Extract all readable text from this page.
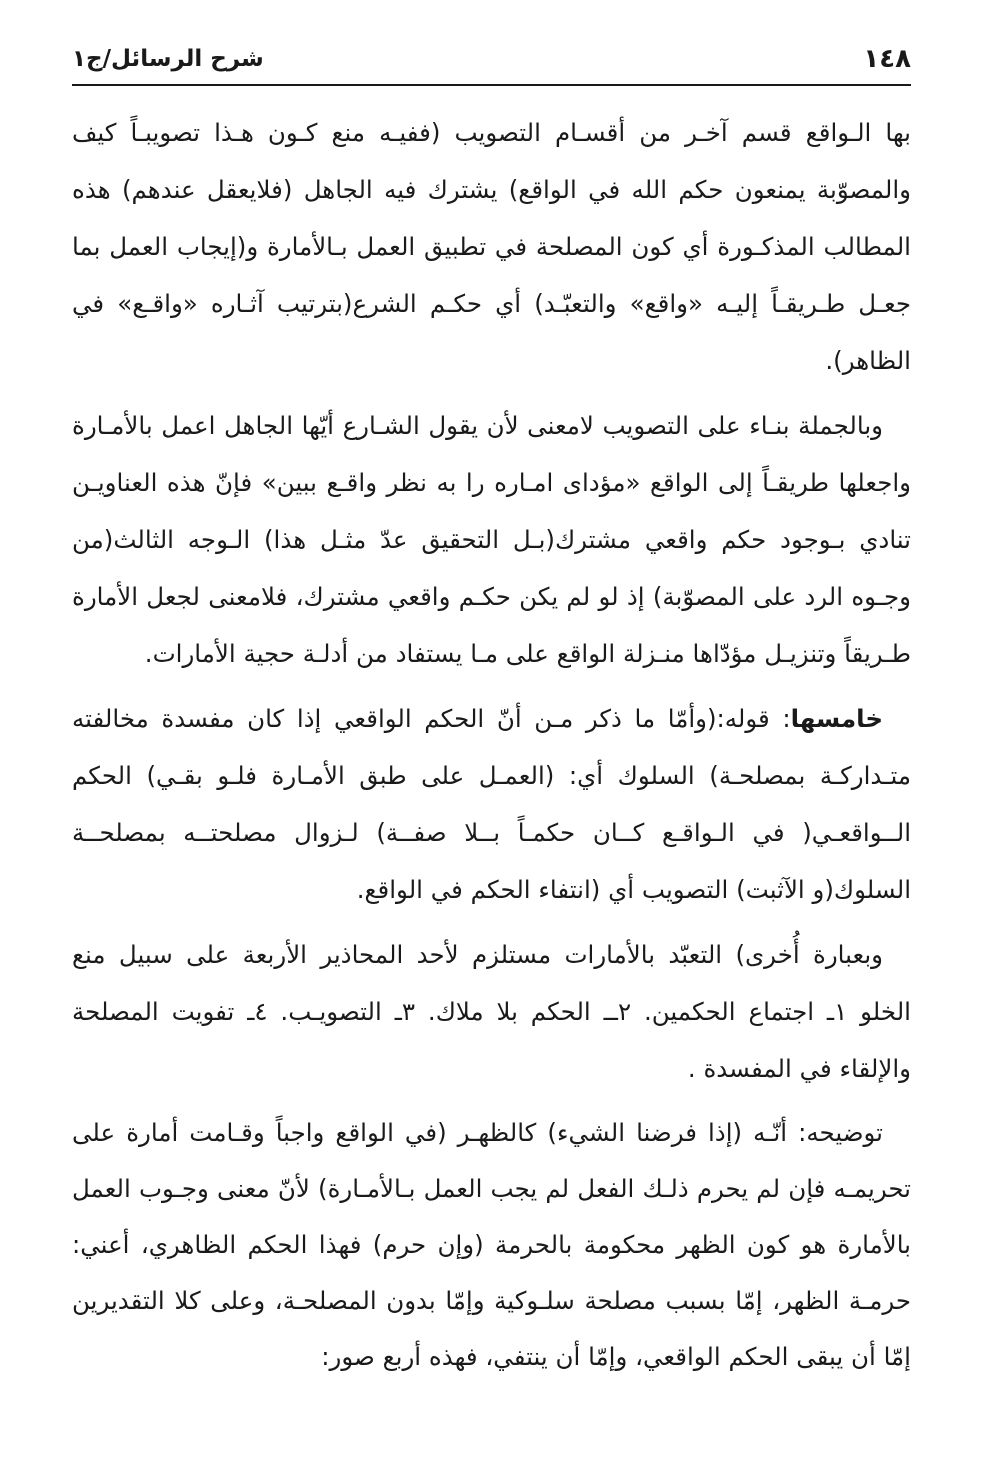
١٤٨
شرح الرسائل/ج١

بها الـواقع قسم آخـر من أقسـام التصويب (ففيـه منع كـون هـذا تصويبـاً كيف والمصوّبة يمنعون حكم الله في الواقع) يشترك فيه الجاهل (فلايعقل عندهم) هذه المطالب المذكـورة أي كون المصلحة في تطبيق العمل بـالأمارة و(إيجاب العمل بما جعـل طـريقـاً إليـه «واقع» والتعبّـد) أي حكـم الشرع(بترتيب آثـاره «واقـع» في الظاهر).

وبالجملة بنـاء على التصويب لامعنى لأن يقول الشـارع أيّها الجاهل اعمل بالأمـارة واجعلها طريقـاً إلى الواقع «مؤداى امـاره را به نظر واقـع ببين» فإنّ هذه العناويـن تنادي بـوجود حكم واقعي مشترك(بـل التحقيق عدّ مثـل هذا) الـوجه الثالث(من وجـوه الرد على المصوّبة) إذ لو لم يكن حكـم واقعي مشترك، فلامعنى لجعل الأمارة طـريقاً وتنزيـل مؤدّاها منـزلة الواقع على مـا يستفاد من أدلـة حجية الأمارات.

خامسها: قوله:(وأمّا ما ذكر مـن أنّ الحكم الواقعي إذا كان مفسدة مخالفته متـداركـة بمصلحـة) السلوك أي: (العمـل على طبق الأمـارة فلـو بقـي) الحكم الــواقعـي( في الـواقـع كــان حكمـاً بــلا صفــة) لـزوال مصلحتــه بمصلحــة السلوك(و الآثبت) التصويب أي (انتفاء الحكم في الواقع.

وبعبارة أُخرى) التعبّد بالأمارات مستلزم لأحد المحاذير الأربعة على سبيل منع الخلو ١ـ اجتماع الحكمين. ٢ــ الحكم بلا ملاك. ٣ـ التصويـب. ٤ـ تفويت المصلحة والإلقاء في المفسدة .

توضيحه: أنّـه (إذا فرضنا الشيء) كالظهـر (في الواقع واجباً وقـامت أمارة على تحريمـه فإن لم يحرم ذلـك الفعل لم يجب العمل بـالأمـارة) لأنّ معنى وجـوب العمل بالأمارة هو كون الظهر محكومة بالحرمة (وإن حرم) فهذا الحكم الظاهري، أعني: حرمـة الظهر، إمّا بسبب مصلحة سلـوكية وإمّا بدون المصلحـة، وعلى كلا التقديرين إمّا أن يبقى الحكم الواقعي، وإمّا أن ينتفي، فهذه أربع صور:
